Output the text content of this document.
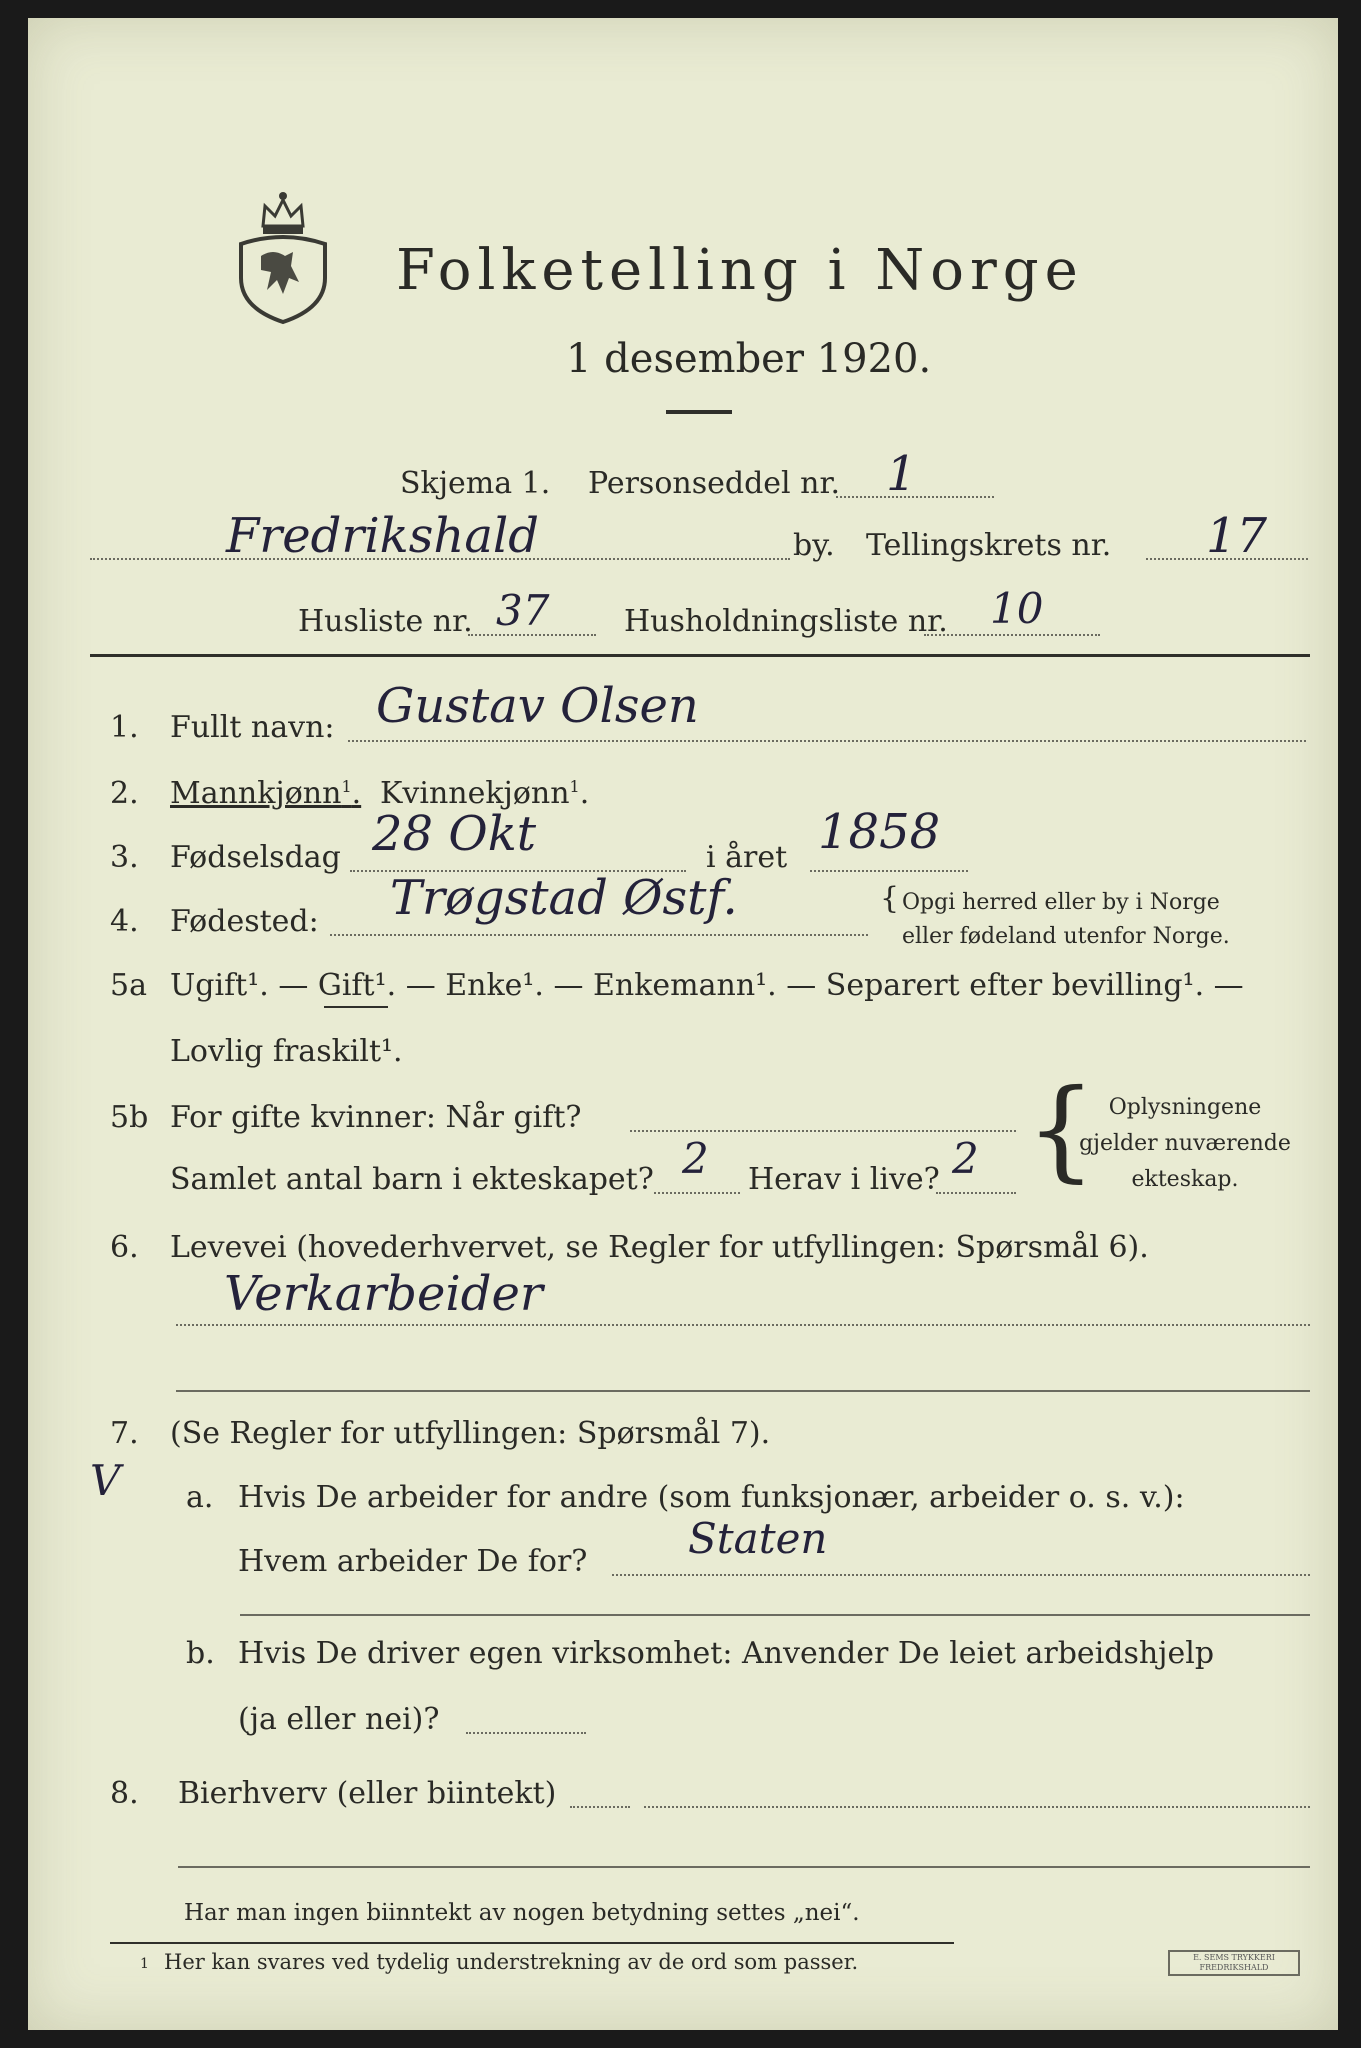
Folketelling i Norge
1 desember 1920.
Skjema 1. Personseddel nr. 1
Fredrikshald	by. Tellingskrets nr. 17
Husliste nr. 37 Husholdningsliste nr. 10
1. Fullt navn: Gustav Olsen
2. Mannkjønn$^1$. Kvinnekjønn$^1$.
3. Fødselsdag 28 Okt	i året 1858
4. Fødested: Trøgstad Østf.	{ Opgi herred eller by i Norge
eller fødeland utenfor Norge.
5a Ugift¹. — Gift¹. — Enke¹. — Enkemann¹. — Separert efter bevilling¹. —
Lovlig fraskilt¹.
5b For gifte kvinner: Når gift?
Samlet antal barn i ekteskapet? 2 Herav i live? 2 { Oplysningene
gjelder nuværende
ekteskap.
6. Levevei (hovederhvervet, se Regler for utfyllingen: Spørsmål 6).
Verkarbeider
7. (Se Regler for utfyllingen: Spørsmål 7).
V a. Hvis De arbeider for andre (som funksjonær, arbeider o. s. v.):
Hvem arbeider De for? Staten
b. Hvis De driver egen virksomhet: Anvender De leiet arbeidshjelp
(ja eller nei)?
8. Bierhverv (eller biintekt)
Har man ingen biinntekt av nogen betydning settes „nei“.
1 Her kan svares ved tydelig understrekning av de ord som passer.	E. SEMS TRYKKERI
FREDRIKSHALD
